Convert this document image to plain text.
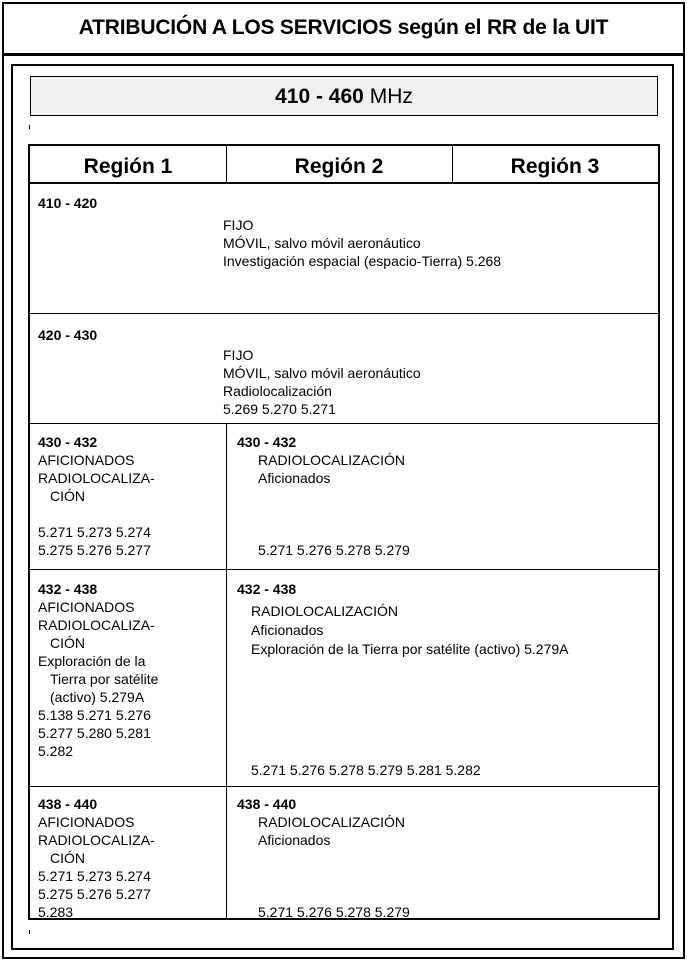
ATRIBUCIÓN A LOS SERVICIOS según el RR de la UIT
410 - 460 MHz
Región 1	Región 2	Región 3
410 - 420
FIJO
MÓVIL, salvo móvil aeronáutico
Investigación espacial (espacio-Tierra) 5.268
420 - 430
FIJO
MÓVIL, salvo móvil aeronáutico
Radiolocalización
5.269 5.270 5.271
430 - 432
AFICIONADOS
RADIOLOCALIZA-
CIÓN
5.271 5.273 5.274
5.275 5.276 5.277
430 - 432
RADIOLOCALIZACIÓN
Aficionados
5.271 5.276 5.278 5.279
432 - 438
AFICIONADOS
RADIOLOCALIZA-
CIÓN
Exploración de la
Tierra por satélite
(activo) 5.279A
5.138 5.271 5.276
5.277 5.280 5.281
5.282
432 - 438
RADIOLOCALIZACIÓN
Aficionados
Exploración de la Tierra por satélite (activo) 5.279A
5.271 5.276 5.278 5.279 5.281 5.282
438 - 440
AFICIONADOS
RADIOLOCALIZA-
CIÓN
5.271 5.273 5.274
5.275 5.276 5.277
5.283
438 - 440
RADIOLOCALIZACIÓN
Aficionados
5.271 5.276 5.278 5.279
